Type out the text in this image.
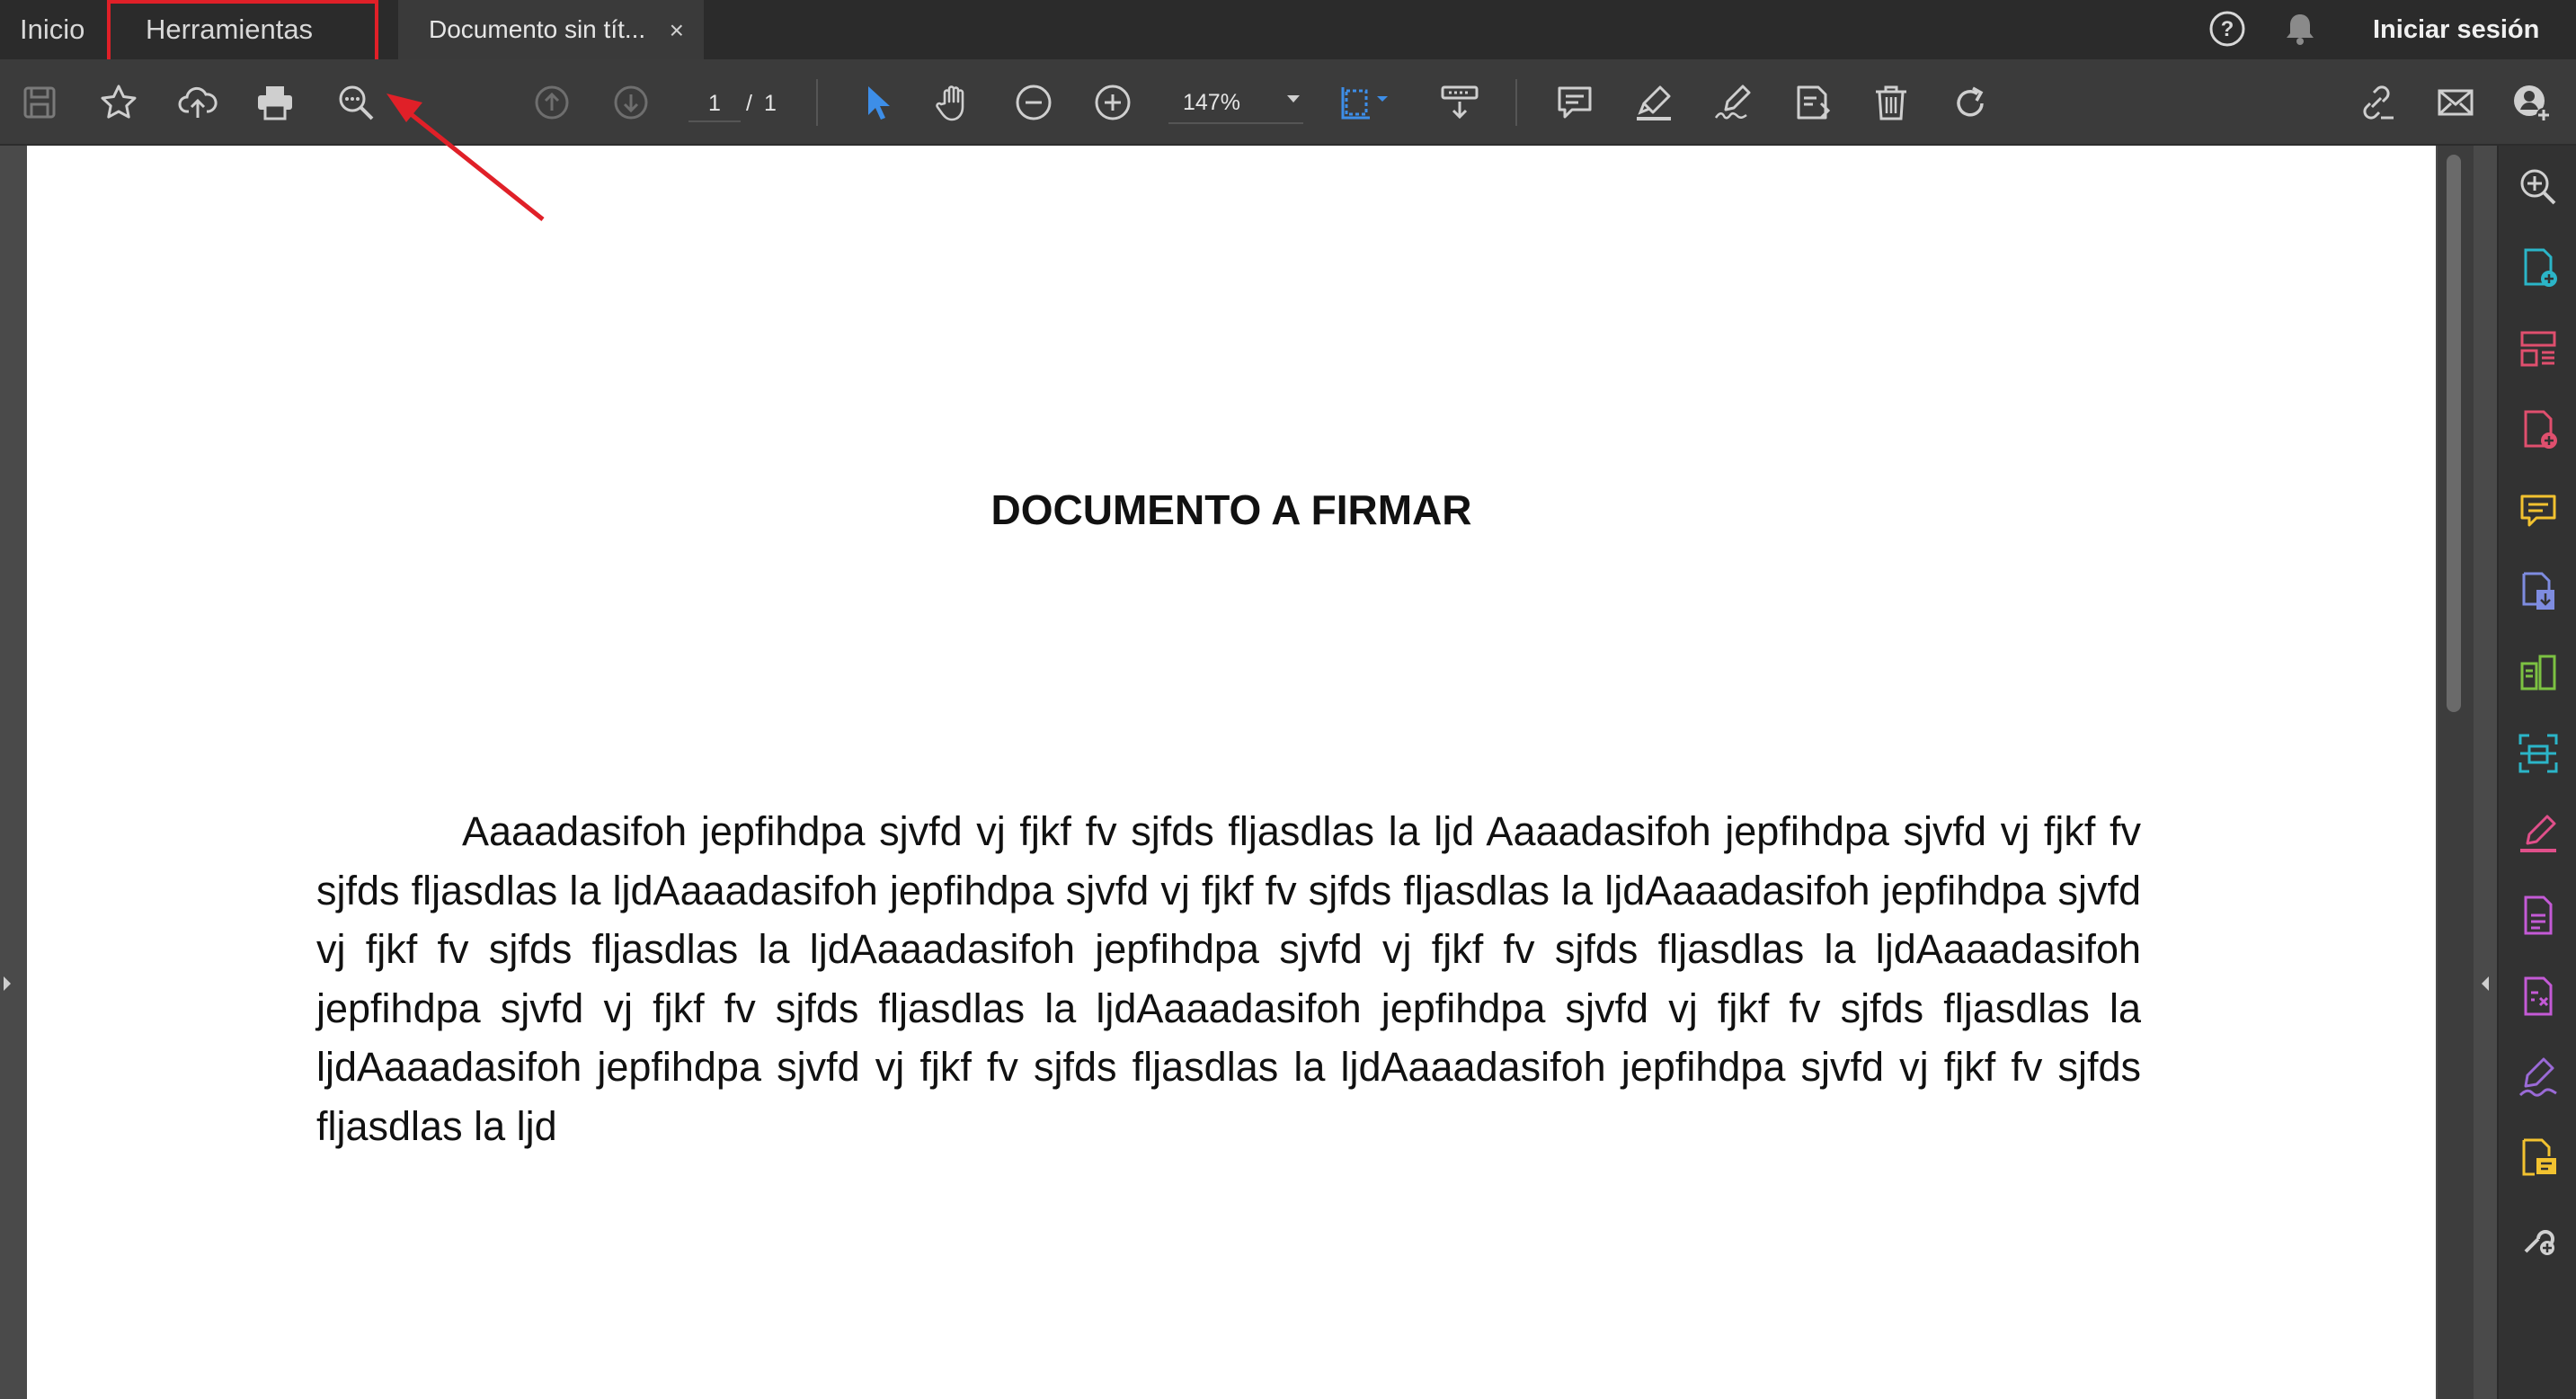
Inicio Herramientas	Documento sin tít... ×	?	Iniciar sesión
1	/ 1	147%
DOCUMENTO A FIRMAR
Aaaadasifoh jepfihdpa sjvfd vj fjkf fv sjfds fljasdlas la ljd Aaaadasifoh jepfihdpa sjvfd vj fjkf fv sjfds fljasdlas la ljdAaaadasifoh jepfihdpa sjvfd vj fjkf fv sjfds fljasdlas la ljdAaaadasifoh jepfihdpa sjvfd vj fjkf fv sjfds fljasdlas la ljdAaaadasifoh jepfihdpa sjvfd vj fjkf fv sjfds fljasdlas la ljdAaaadasifoh jepfihdpa sjvfd vj fjkf fv sjfds fljasdlas la ljdAaaadasifoh jepfihdpa sjvfd vj fjkf fv sjfds fljasdlas la ljdAaaadasifoh jepfihdpa sjvfd vj fjkf fv sjfds fljasdlas la ljdAaaadasifoh jepfihdpa sjvfd vj fjkf fv sjfds fljasdlas la ljd
